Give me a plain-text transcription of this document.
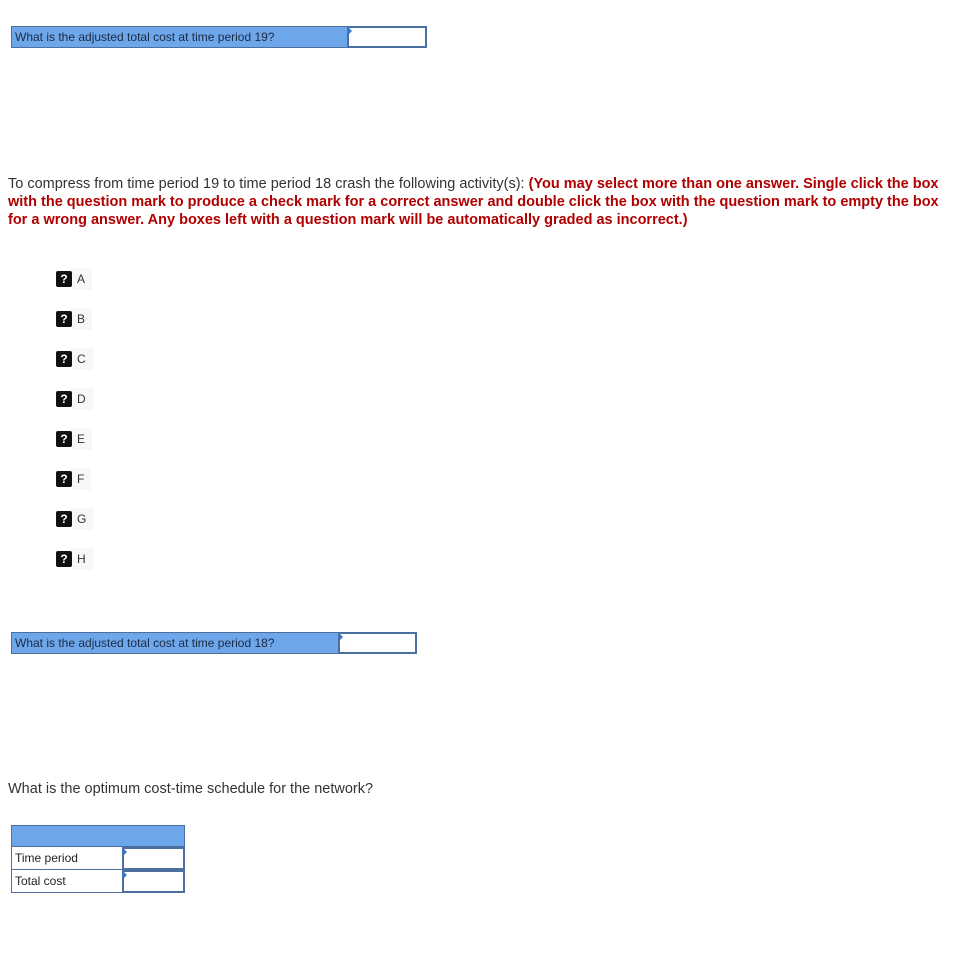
What is the adjusted total cost at time period 19?
To compress from time period 19 to time period 18 crash the following activity(s): (You may select more than one answer. Single click the box with the question mark to produce a check mark for a correct answer and double click the box with the question mark to empty the box for a wrong answer. Any boxes left with a question mark will be automatically graded as incorrect.)
? A
? B
? C
? D
? E
? F
? G
? H
What is the adjusted total cost at time period 18?
What is the optimum cost-time schedule for the network?
Time period
Total cost
